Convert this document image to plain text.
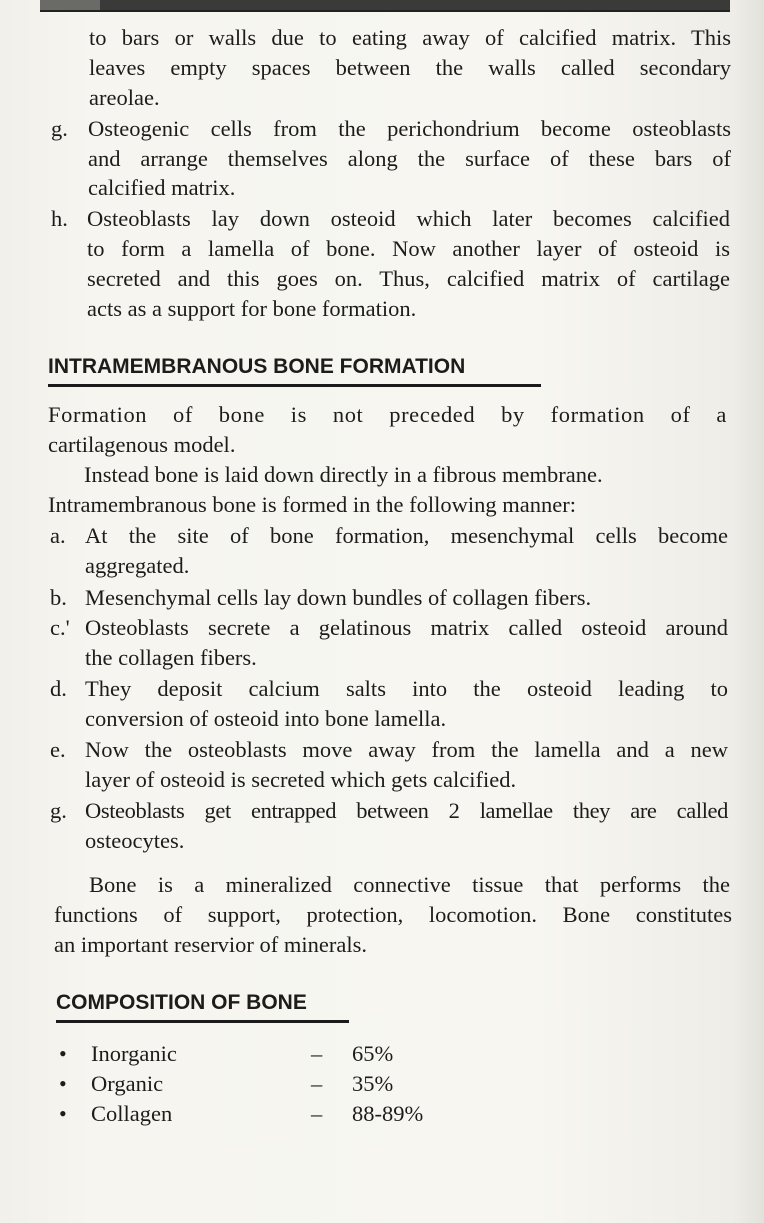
to bars or walls due to eating away of calcified matrix. This
leaves empty spaces between the walls called secondary
areolae.
g. Osteogenic cells from the perichondrium become osteoblasts
and arrange themselves along the surface of these bars of
calcified matrix.
h. Osteoblasts lay down osteoid which later becomes calcified
to form a lamella of bone. Now another layer of osteoid is
secreted and this goes on. Thus, calcified matrix of cartilage
acts as a support for bone formation.
INTRAMEMBRANOUS BONE FORMATION
Formation of bone is not preceded by formation of a
cartilagenous model.
Instead bone is laid down directly in a fibrous membrane.
Intramembranous bone is formed in the following manner:
a. At the site of bone formation, mesenchymal cells become
aggregated.
b. Mesenchymal cells lay down bundles of collagen fibers.
c.' Osteoblasts secrete a gelatinous matrix called osteoid around
the collagen fibers.
d. They deposit calcium salts into the osteoid leading to
conversion of osteoid into bone lamella.
e. Now the osteoblasts move away from the lamella and a new
layer of osteoid is secreted which gets calcified.
g. Osteoblasts get entrapped between 2 lamellae they are called
osteocytes.
Bone is a mineralized connective tissue that performs the
functions of support, protection, locomotion. Bone constitutes
an important reservior of minerals.
COMPOSITION OF BONE
• Inorganic	– 65%
• Organic	– 35%
• Collagen	– 88-89%
